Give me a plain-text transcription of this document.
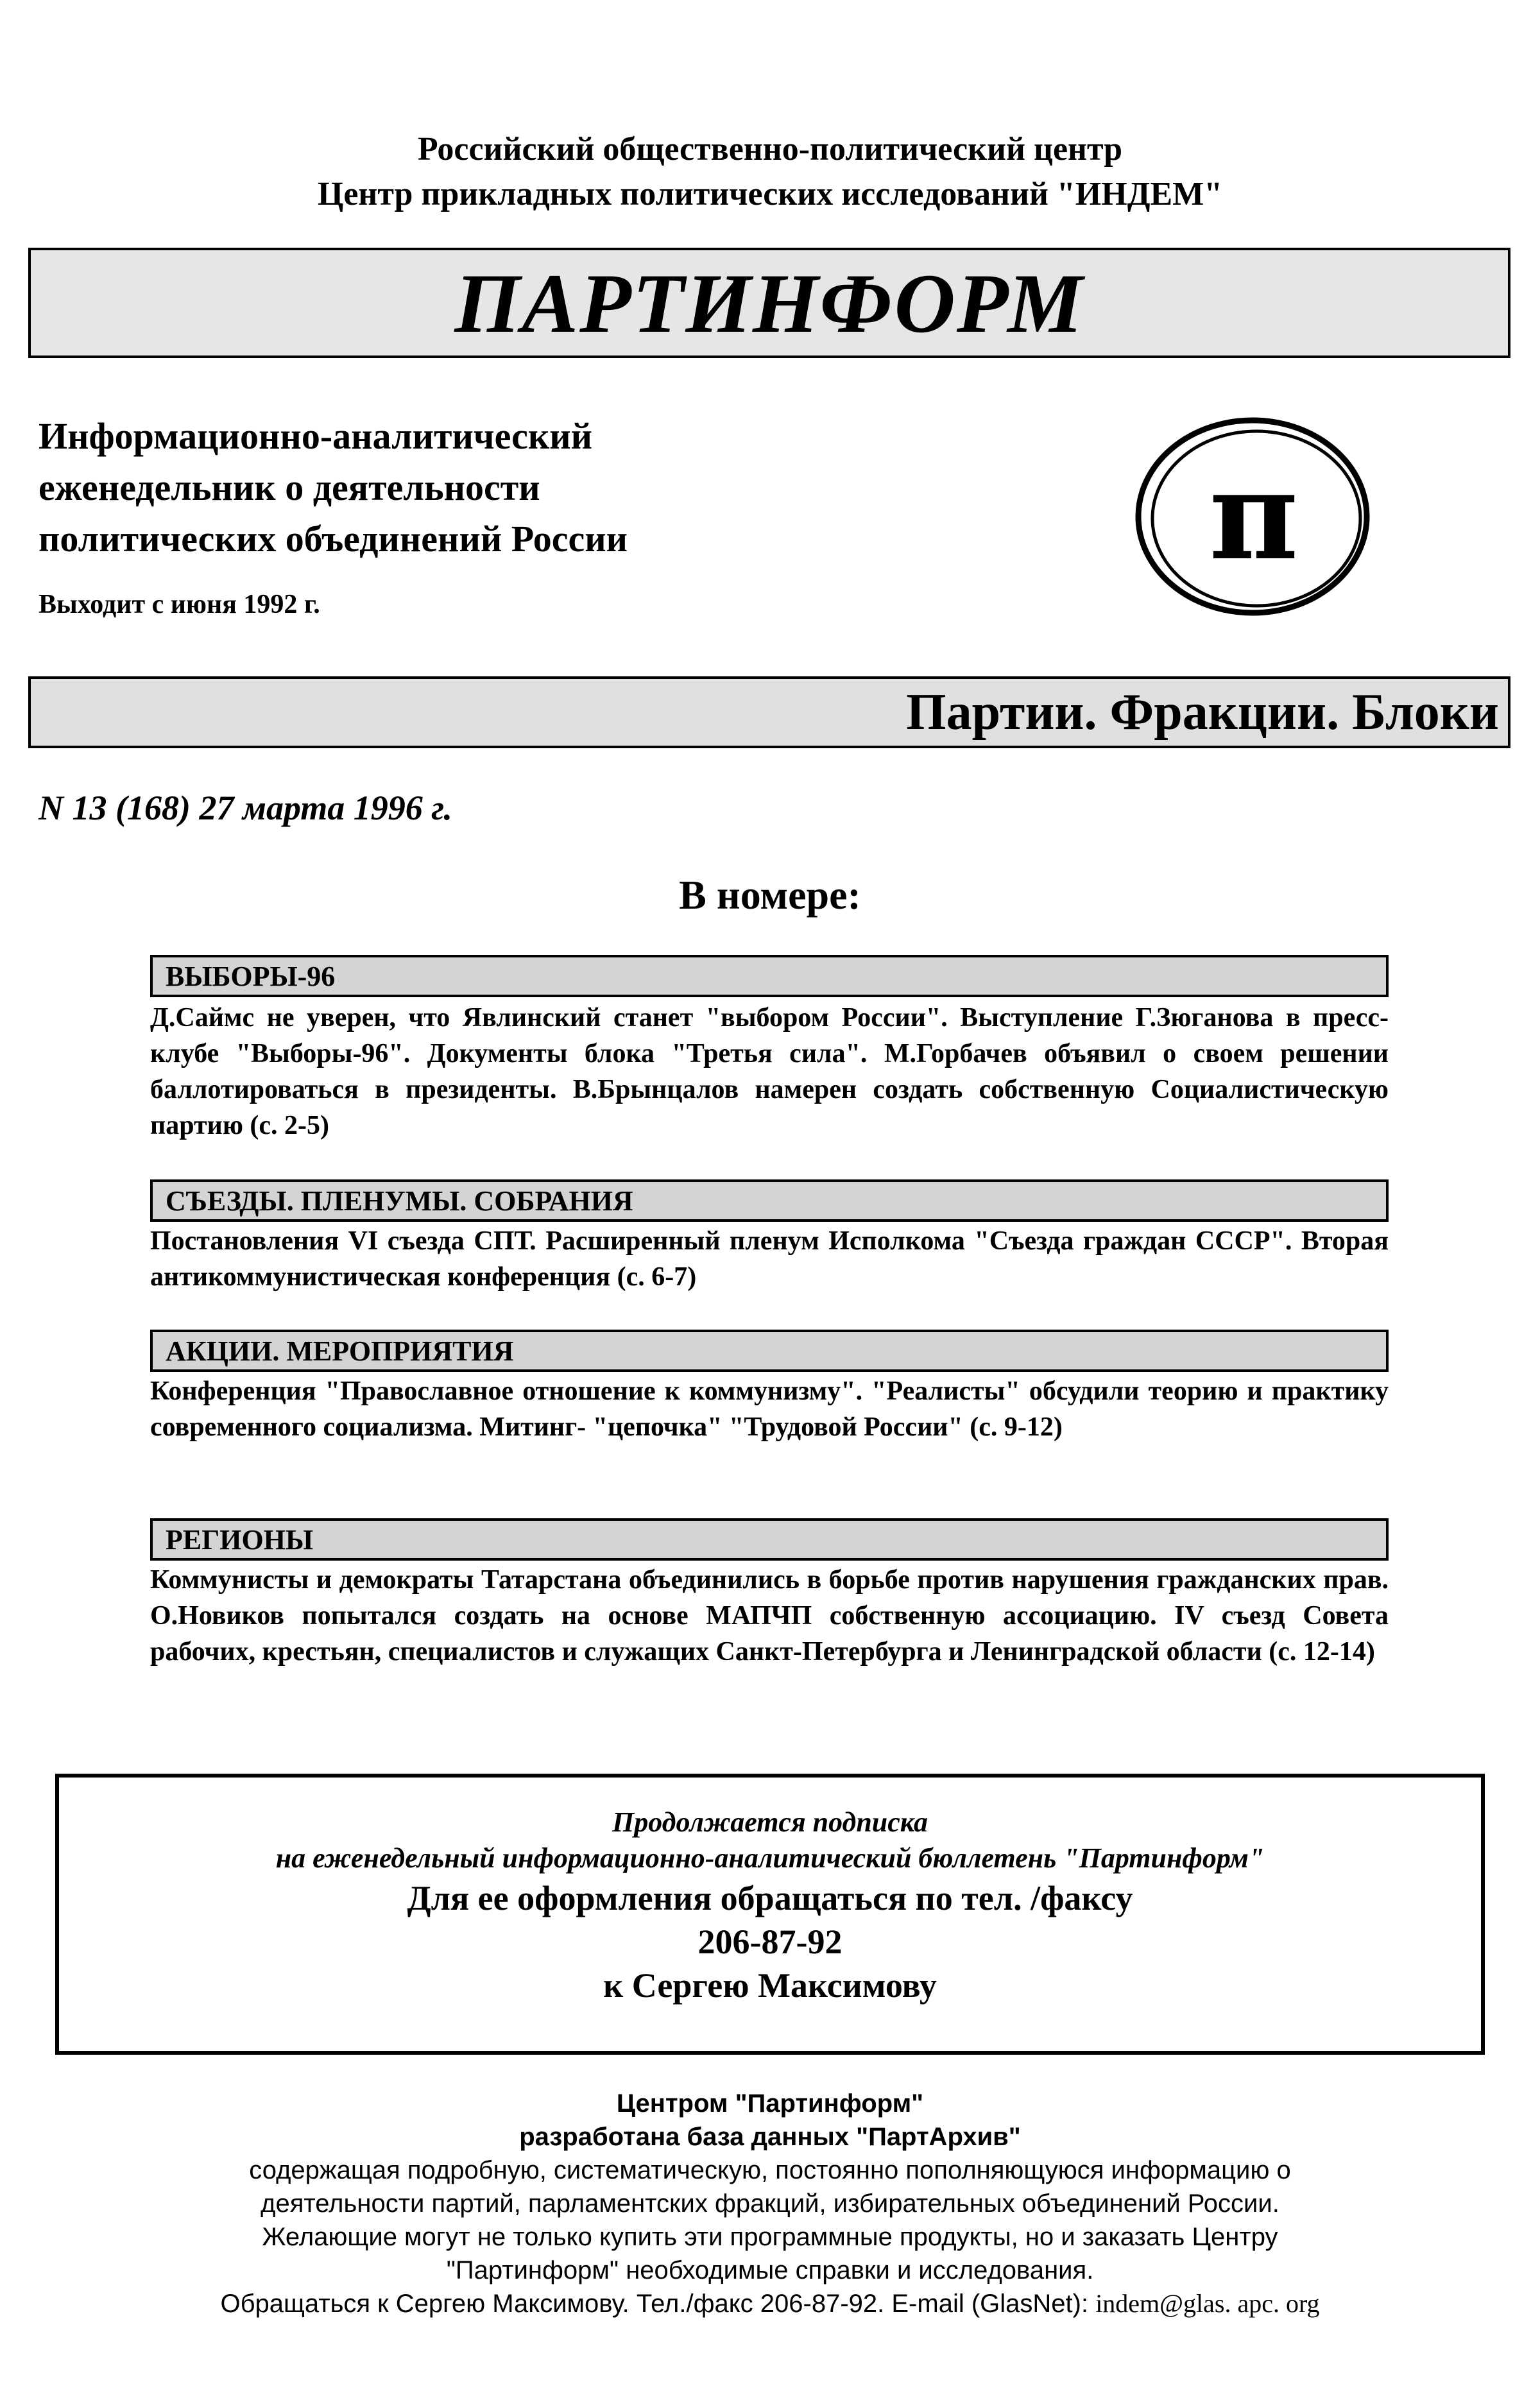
Российский общественно-политический центр
Центр прикладных политических исследований "ИНДЕМ"
ПАРТИНФОРМ
Информационно-аналитический
еженедельник о деятельности
политических объединений России
Выходит с июня 1992 г.
π
Партии. Фракции. Блоки
N 13 (168) 27 марта 1996 г.
В номере:
ВЫБОРЫ-96
Д.Саймс не уверен, что Явлинский станет "выбором России". Выступление Г.Зюганова в пресс-клубе "Выборы-96". Документы блока "Третья сила". М.Горбачев объявил о своем решении баллотироваться в президенты. В.Брынцалов намерен создать собственную Социалистическую партию (с. 2-5)
СЪЕЗДЫ. ПЛЕНУМЫ. СОБРАНИЯ
Постановления VI съезда СПТ. Расширенный пленум Исполкома "Съезда граждан СССР". Вторая антикоммунистическая конференция (с. 6-7)
АКЦИИ. МЕРОПРИЯТИЯ
Конференция "Православное отношение к коммунизму". "Реалисты" обсудили теорию и практику современного социализма. Митинг- "цепочка" "Трудовой России" (с. 9-12)
РЕГИОНЫ
Коммунисты и демократы Татарстана объединились в борьбе против нарушения гражданских прав. О.Новиков попытался создать на основе МАПЧП собственную ассоциацию. IV съезд Совета рабочих, крестьян, специалистов и служащих Санкт-Петербурга и Ленинградской области (с. 12-14)
Продолжается подписка
на еженедельный информационно-аналитический бюллетень "Партинформ"
Для ее оформления обращаться по тел. /факсу
206-87-92
к Сергею Максимову
Центром "Партинформ"
разработана база данных "ПартАрхив"
содержащая подробную, систематическую, постоянно пополняющуюся информацию о
деятельности партий, парламентских фракций, избирательных объединений России.
Желающие могут не только купить эти программные продукты, но и заказать Центру
"Партинформ" необходимые справки и исследования.
Обращаться к Сергею Максимову. Тел./факс 206-87-92. E-mail (GlasNet): indem@glas. apc. org
